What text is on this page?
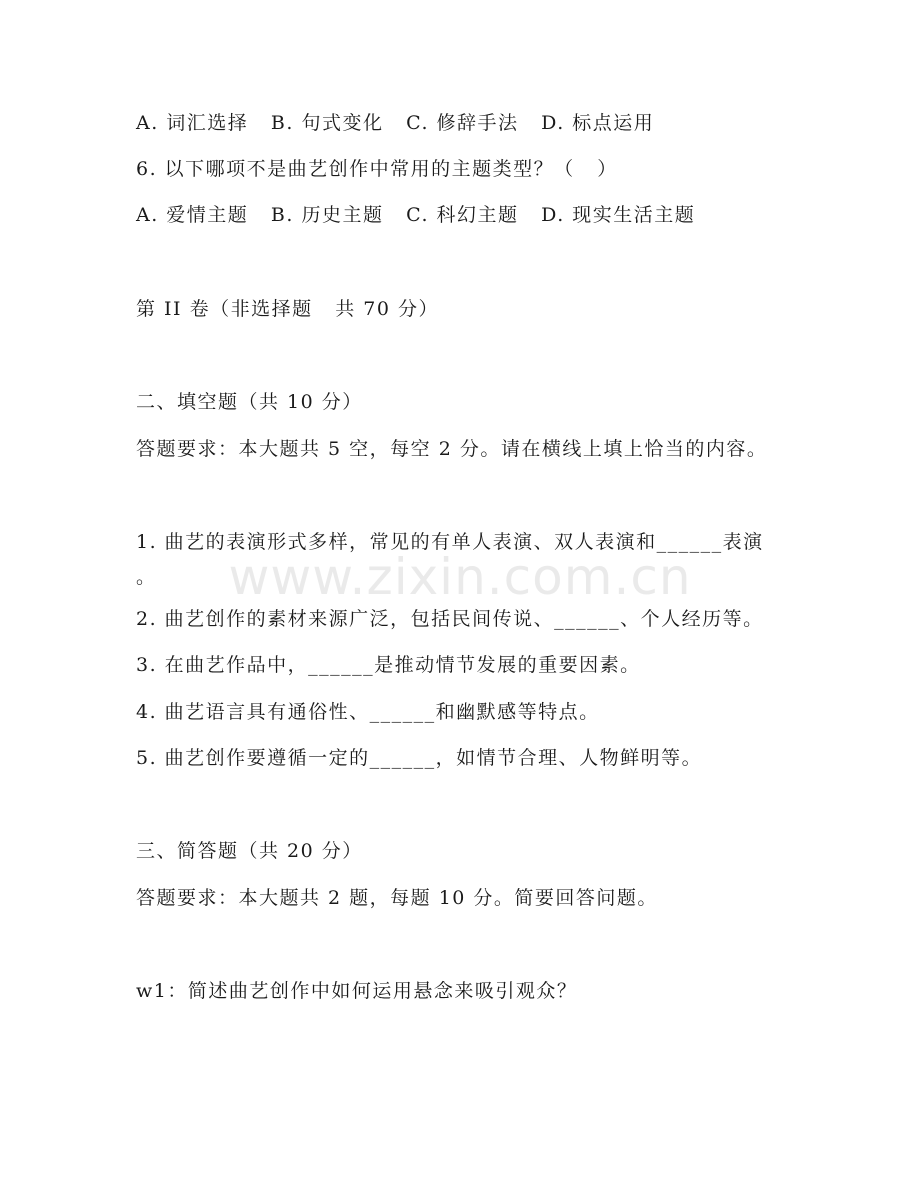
A. 词汇选择   B. 句式变化   C. 修辞手法   D. 标点运用
6. 以下哪项不是曲艺创作中常用的主题类型？（   ）
A. 爱情主题   B. 历史主题   C. 科幻主题   D. 现实生活主题
第 II 卷（非选择题   共 70 分）
二、填空题（共 10 分）
答题要求：本大题共 5 空，每空 2 分。请在横线上填上恰当的内容。
1. 曲艺的表演形式多样，常见的有单人表演、双人表演和______表演
。
2. 曲艺创作的素材来源广泛，包括民间传说、______、个人经历等。
3. 在曲艺作品中，______是推动情节发展的重要因素。
4. 曲艺语言具有通俗性、______和幽默感等特点。
5. 曲艺创作要遵循一定的______，如情节合理、人物鲜明等。
三、简答题（共 20 分）
答题要求：本大题共 2 题，每题 10 分。简要回答问题。
w1：简述曲艺创作中如何运用悬念来吸引观众？
www.zixin.com.cn
